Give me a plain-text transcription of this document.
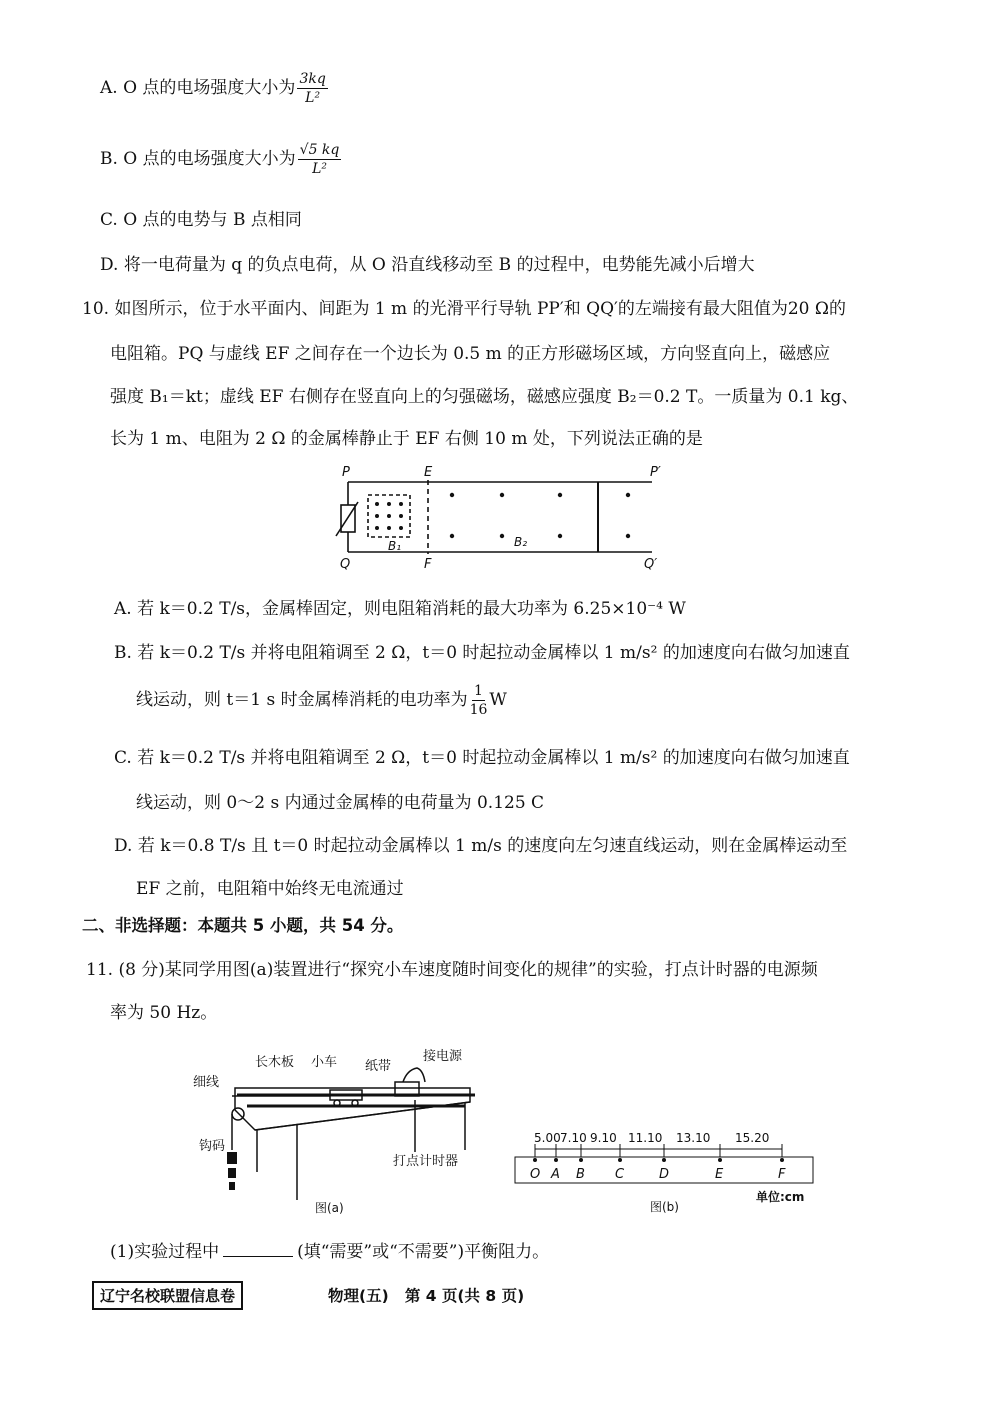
A. O 点的电场强度大小为 $\frac{3kq}{\text{L²}}$
B. O 点的电场强度大小为 $\frac{√5 kq}{\text{L²}}$
C. O 点的电势与 B 点相同
D. 将一电荷量为 q 的负点电荷，从 O 沿直线移动至 B 的过程中，电势能先减小后增大
10. 如图所示，位于水平面内、间距为 1 m 的光滑平行导轨 PP′和 QQ′的左端接有最大阻值为20 Ω的
电阻箱。PQ 与虚线 EF 之间存在一个边长为 0.5 m 的正方形磁场区域，方向竖直向上，磁感应
强度 B₁＝kt；虚线 EF 右侧存在竖直向上的匀强磁场，磁感应强度 B₂＝0.2 T。一质量为 0.1 kg、
长为 1 m、电阻为 2 Ω 的金属棒静止于 EF 右侧 10 m 处，下列说法正确的是
P	E	P′
Q	F	Q′
B₁	B₂
A. 若 k＝0.2 T/s，金属棒固定，则电阻箱消耗的最大功率为 6.25×10⁻⁴ W
B. 若 k＝0.2 T/s 并将电阻箱调至 2 Ω，t＝0 时起拉动金属棒以 1 m/s² 的加速度向右做匀加速直
线运动，则 t＝1 s 时金属棒消耗的电功率为 $\frac{1}{16}$ W
C. 若 k＝0.2 T/s 并将电阻箱调至 2 Ω，t＝0 时起拉动金属棒以 1 m/s² 的加速度向右做匀加速直
线运动，则 0～2 s 内通过金属棒的电荷量为 0.125 C
D. 若 k＝0.8 T/s 且 t＝0 时起拉动金属棒以 1 m/s 的速度向左匀速直线运动，则在金属棒运动至
EF 之前，电阻箱中始终无电流通过
二、非选择题：本题共 5 小题，共 54 分。
11. (8 分)某同学用图(a)装置进行“探究小车速度随时间变化的规律”的实验，打点计时器的电源频
率为 50 Hz。
长木板 小车 纸带
接电源
细线
钩码
打点计时器
图(a)
5.00 7.10 9.10 11.10 13.10 15.20
O A B C	D	E	F
单位:cm
图(b)
(1)实验过程中	(填“需要”或“不需要”)平衡阻力。
辽宁名校联盟信息卷	物理(五)   第 4 页(共 8 页)
